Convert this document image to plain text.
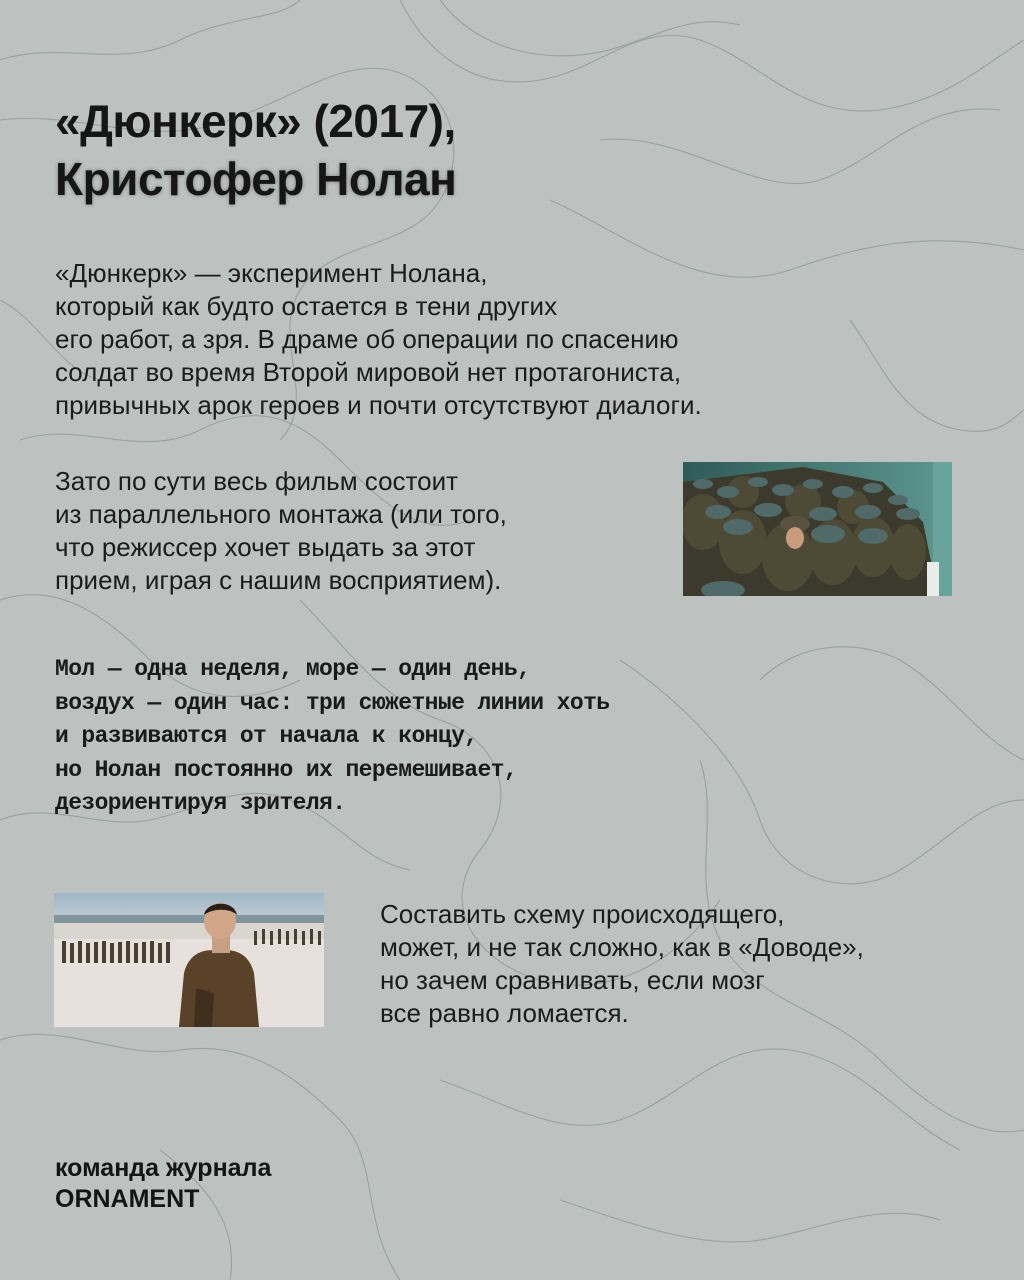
«Дюнкерк» (2017),
Кристофер Нолан

«Дюнкерк» — эксперимент Нолана,
который как будто остается в тени других
его работ, а зря. В драме об операции по спасению
солдат во время Второй мировой нет протагониста,
привычных арок героев и почти отсутствуют диалоги.

Зато по сути весь фильм состоит
из параллельного монтажа (или того,
что режиссер хочет выдать за этот
прием, играя с нашим восприятием).

Мол — одна неделя, море — один день,
воздух — один час: три сюжетные линии хоть
и развиваются от начала к концу,
но Нолан постоянно их перемешивает,
дезориентируя зрителя.

Составить схему происходящего,
может, и не так сложно, как в «Доводе»,
но зачем сравнивать, если мозг
все равно ломается.

команда журнала
ORNAMENT
